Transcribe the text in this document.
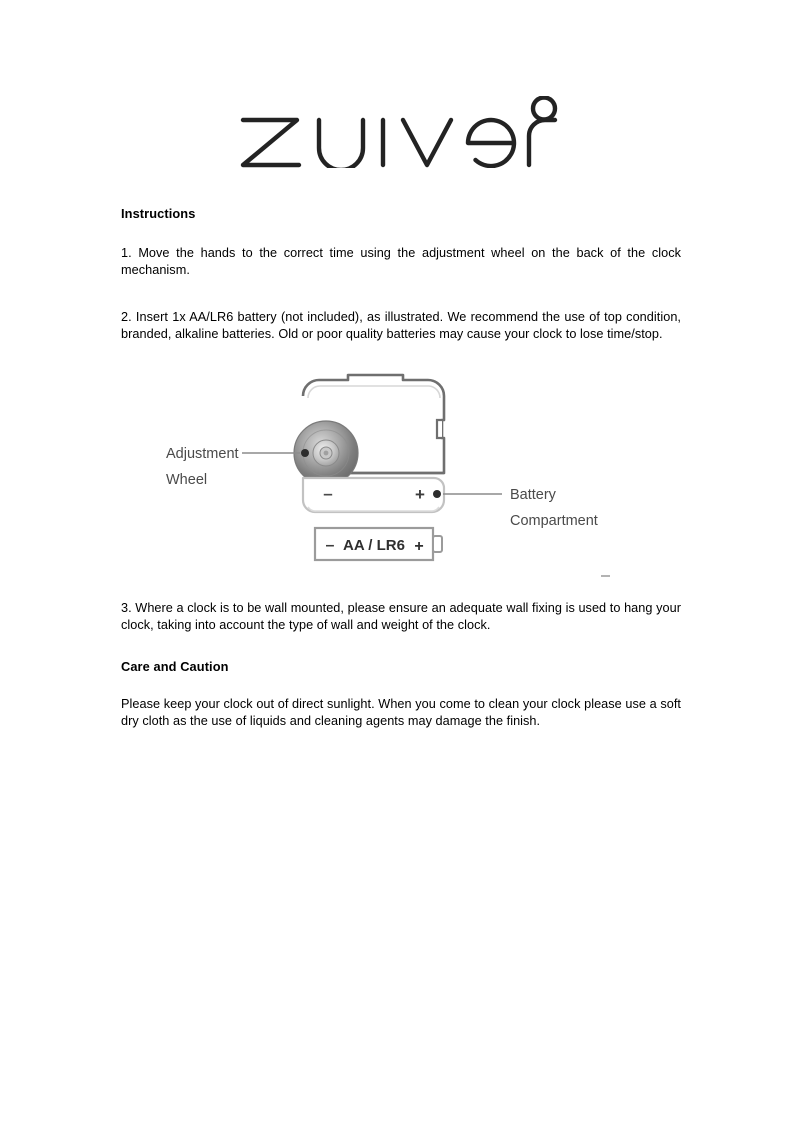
Instructions

1. Move the hands to the correct time using the adjustment wheel on the back of the clock mechanism.

2. Insert 1x AA/LR6 battery (not included), as illustrated. We recommend the use of top condition, branded, alkaline batteries. Old or poor quality batteries may cause your clock to lose time/stop.

–	+
– AA / LR6 +
Adjustment
Wheel
Battery
Compartment

3. Where a clock is to be wall mounted, please ensure an adequate wall fixing is used to hang your clock, taking into account the type of wall and weight of the clock.

Care and Caution

Please keep your clock out of direct sunlight. When you come to clean your clock please use a soft dry cloth as the use of liquids and cleaning agents may damage the finish.
